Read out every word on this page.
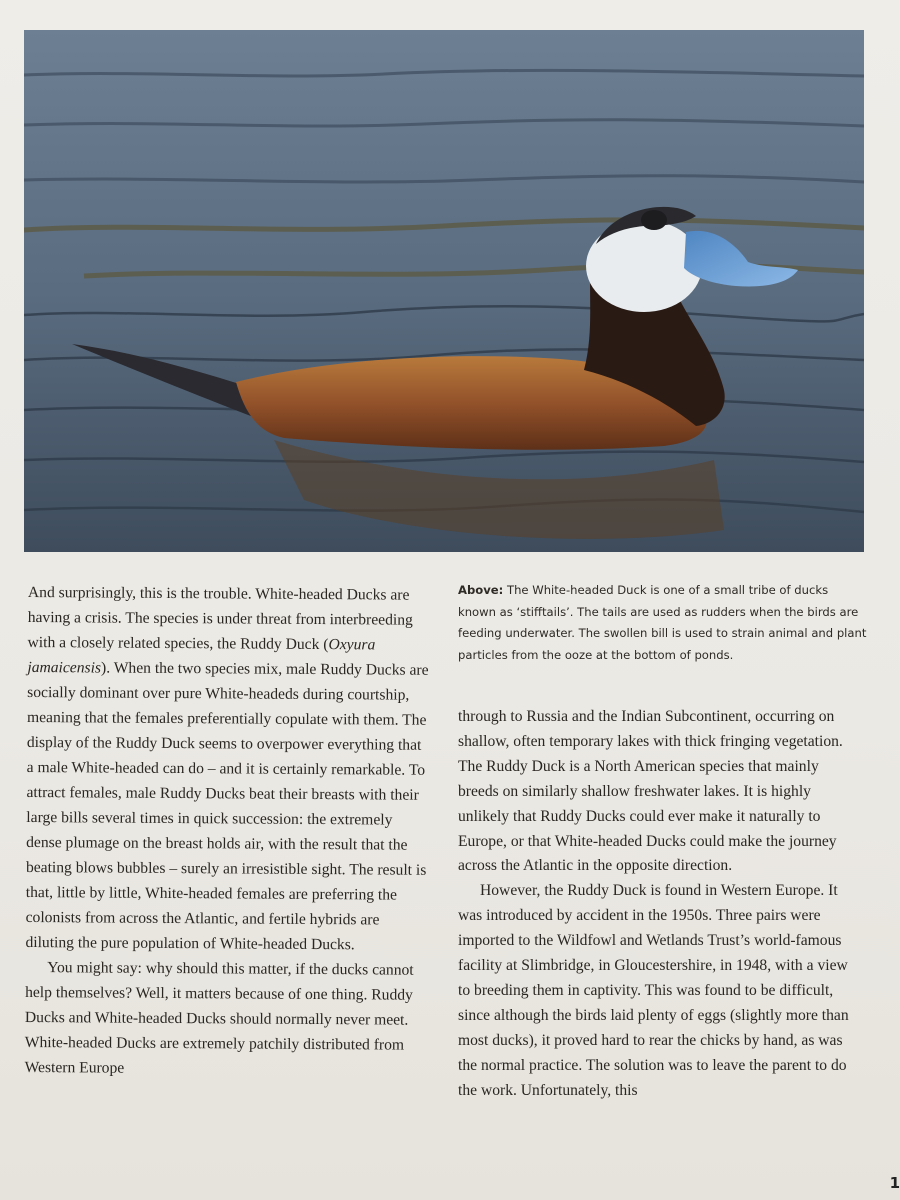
And surprisingly, this is the trouble. White-headed Ducks are having a crisis. The species is under threat from interbreeding with a closely related species, the Ruddy Duck (Oxyura jamaicensis). When the two species mix, male Ruddy Ducks are socially dominant over pure White-headeds during courtship, meaning that the females preferentially copulate with them. The display of the Ruddy Duck seems to overpower everything that a male White-headed can do – and it is certainly remarkable. To attract females, male Ruddy Ducks beat their breasts with their large bills several times in quick succession: the extremely dense plumage on the breast holds air, with the result that the beating blows bubbles – surely an irresistible sight. The result is that, little by little, White-headed females are preferring the colonists from across the Atlantic, and fertile hybrids are diluting the pure population of White-headed Ducks.

You might say: why should this matter, if the ducks cannot help themselves? Well, it matters because of one thing. Ruddy Ducks and White-headed Ducks should normally never meet. White-headed Ducks are extremely patchily distributed from Western Europe

Above: The White-headed Duck is one of a small tribe of ducks known as ‘stifftails’. The tails are used as rudders when the birds are feeding underwater. The swollen bill is used to strain animal and plant particles from the ooze at the bottom of ponds.

through to Russia and the Indian Subcontinent, occurring on shallow, often temporary lakes with thick fringing vegetation. The Ruddy Duck is a North American species that mainly breeds on similarly shallow freshwater lakes. It is highly unlikely that Ruddy Ducks could ever make it naturally to Europe, or that White-headed Ducks could make the journey across the Atlantic in the opposite direction.

However, the Ruddy Duck is found in Western Europe. It was introduced by accident in the 1950s. Three pairs were imported to the Wildfowl and Wetlands Trust’s world-famous facility at Slimbridge, in Gloucestershire, in 1948, with a view to breeding them in captivity. This was found to be difficult, since although the birds laid plenty of eggs (slightly more than most ducks), it proved hard to rear the chicks by hand, as was the normal practice. The solution was to leave the parent to do the work. Unfortunately, this

1
